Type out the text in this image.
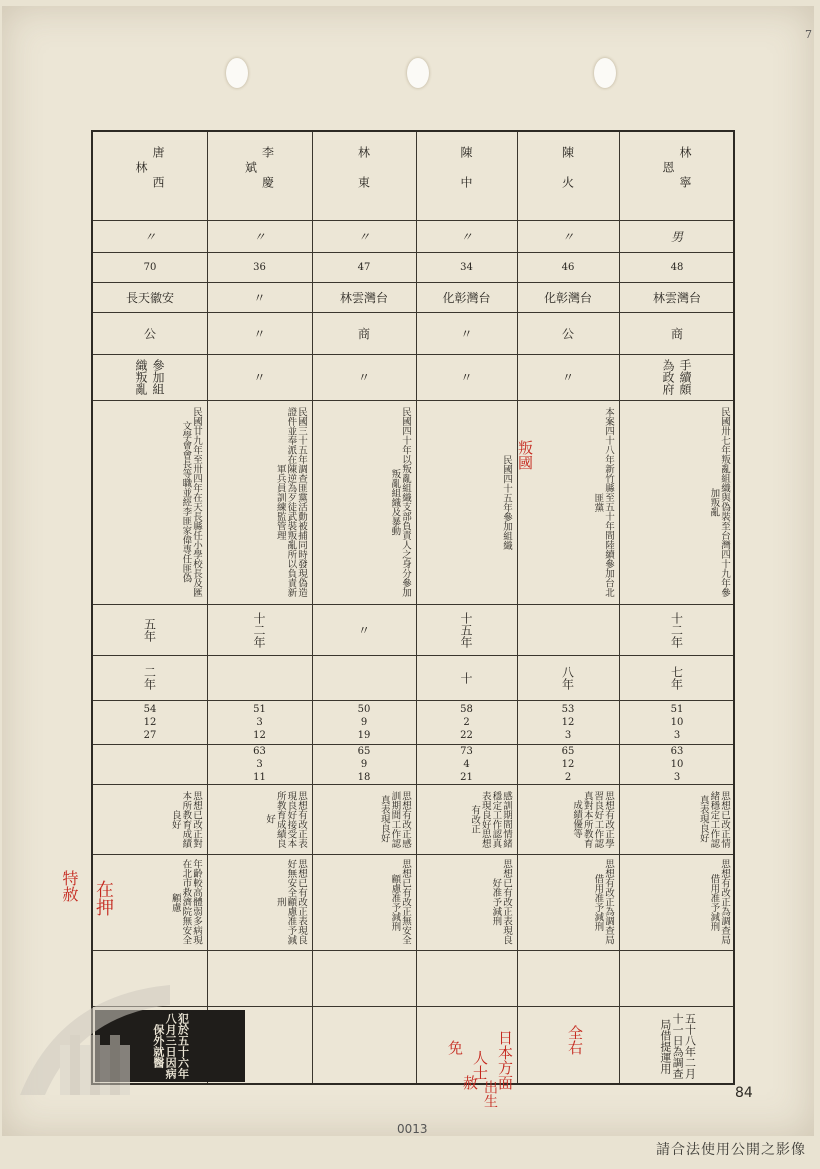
7
唐西林
〃
70
長天徽安
公
參加組織叛亂
民國廿九年至卅四年在天長縣任小學校長及匯文學會會長等職並經李匪家偉專任匪偽
五年
二年
54
12
27
思想已改正對本所教育成績良好
年齡較高體弱多病現在北市救濟院無安全顧慮
李慶斌
〃
36
〃
〃
〃
民國三十五年調查匪黨活動被捕同時發現偽造證件並奉派在陳逆為歹徒武裝叛亂所以負責新軍兵員訓練監管理
十二年
51
3
12
63
3
11
思想有改正表現良好接受本所教育成績良好
思想已有改正表現良好無安全顧慮准予減刑
林東
〃
47
林雲灣台
商
〃
民國四十年以叛亂組織支部負責人之身分參加叛亂組織及暴動
〃
50
9
19
65
9
18
思想有改正感訓期間工作認真表現良好
思想已有改正無安全顧慮准予減刑
陳中
〃
34
化彰灣台
〃
〃
民國四十五年參加組織
十五年
十
58
2
22
73
4
21
感訓期間情緒穩定工作認真表現良好思想有改正
思想已有改正表現良好准予減刑
陳火
〃
46
化彰灣台
公
〃
本案四十八年新竹縣至五十年間陸續參加台北匪黨
八年
53
12
3
65
12
2
思想有改正學習良好工作認真對本所教育成績優等
思想有改正為調查局借用准予減刑
林寧恩
男
48
林雲灣台
商
手續頗為政府
民國卅七年叛亂組織與偽裝至台灣四十九年參加叛亂
十二年
七年
51
10
3
63
10
3
思想已改正情緒穩定工作認真表現良好
思想有改正為調查局借用准予減刑
犯於五十六年八月三日因病保外就醫	五十八年二月十一日為調查局借提運用
0013
請合法使用公開之影像
特赦 在押
叛國
日本方面
人士
出生
免
赦
全右
84
